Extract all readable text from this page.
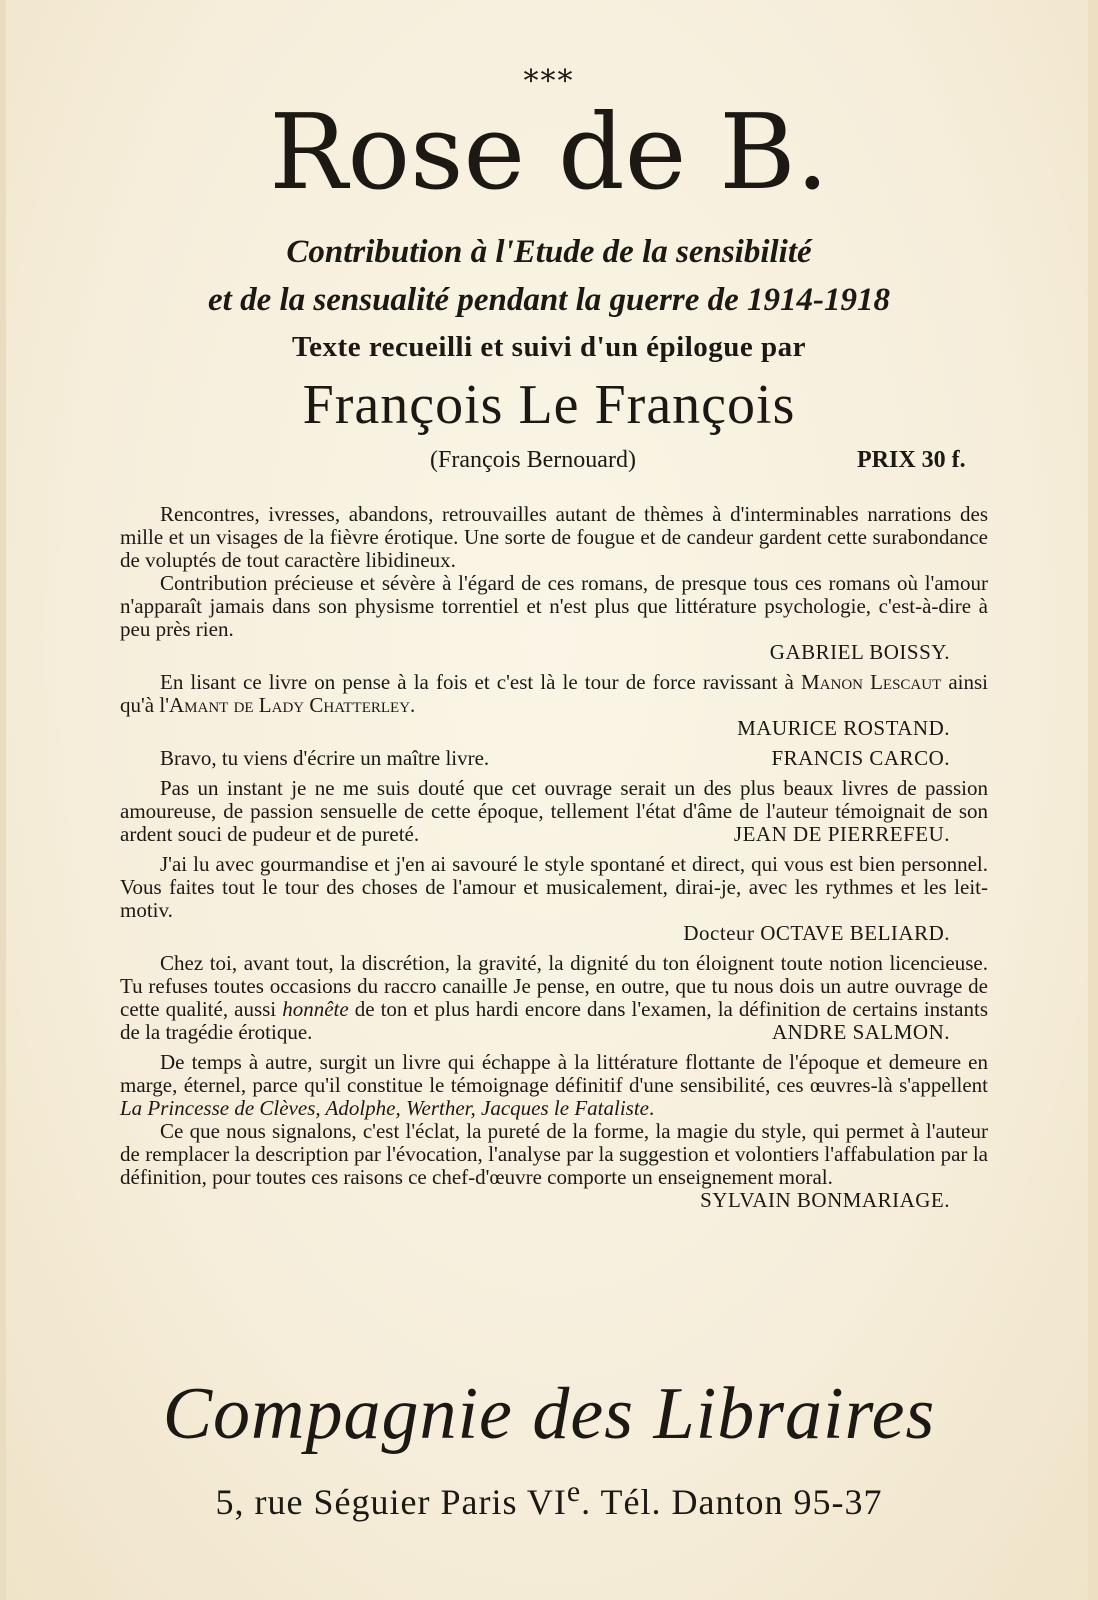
***
Rose de B.
Contribution à l'Etude de la sensibilité
et de la sensualité pendant la guerre de 1914-1918
Texte recueilli et suivi d'un épilogue par
François Le François
(François Bernouard)	PRIX 30 f.

Rencontres, ivresses, abandons, retrouvailles autant de thèmes à d'interminables narrations des mille et un visages de la fièvre érotique. Une sorte de fougue et de candeur gardent cette surabondance de voluptés de tout caractère libidineux.

Contribution précieuse et sévère à l'égard de ces romans, de presque tous ces romans où l'amour n'apparaît jamais dans son physisme torrentiel et n'est plus que littérature psychologie, c'est-à-dire à peu près rien.

GABRIEL BOISSY.

En lisant ce livre on pense à la fois et c'est là le tour de force ravissant à Manon Lescaut ainsi qu'à l'Amant de Lady Chatterley.

MAURICE ROSTAND.

FRANCIS CARCO.
Bravo, tu viens d'écrire un maître livre.

Pas un instant je ne me suis douté que cet ouvrage serait un des plus beaux livres de passion amoureuse, de passion sensuelle de cette époque, tellement l'état d'âme de l'auteur témoignait de son ardent souci de pudeur et de pureté.	JEAN DE PIERREFEU.

J'ai lu avec gourmandise et j'en ai savouré le style spontané et direct, qui vous est bien personnel. Vous faites tout le tour des choses de l'amour et musicalement, dirai-je, avec les rythmes et les leit-motiv.

Docteur OCTAVE BELIARD.

Chez toi, avant tout, la discrétion, la gravité, la dignité du ton éloignent toute notion licencieuse. Tu refuses toutes occasions du raccro canaille Je pense, en outre, que tu nous dois un autre ouvrage de cette qualité, aussi honnête de ton et plus hardi encore dans l'examen, la définition de certains instants de la tragédie érotique.	ANDRE SALMON.

De temps à autre, surgit un livre qui échappe à la littérature flottante de l'époque et demeure en marge, éternel, parce qu'il constitue le témoignage définitif d'une sensibilité, ces œuvres-là s'appellent La Princesse de Clèves, Adolphe, Werther, Jacques le Fataliste.

Ce que nous signalons, c'est l'éclat, la pureté de la forme, la magie du style, qui permet à l'auteur de remplacer la description par l'évocation, l'analyse par la suggestion et volontiers l'affabulation par la définition, pour toutes ces raisons ce chef-d'œuvre comporte un enseignement moral.
SYLVAIN BONMARIAGE.

Compagnie des Libraires
5, rue Séguier Paris VIe. Tél. Danton 95-37
